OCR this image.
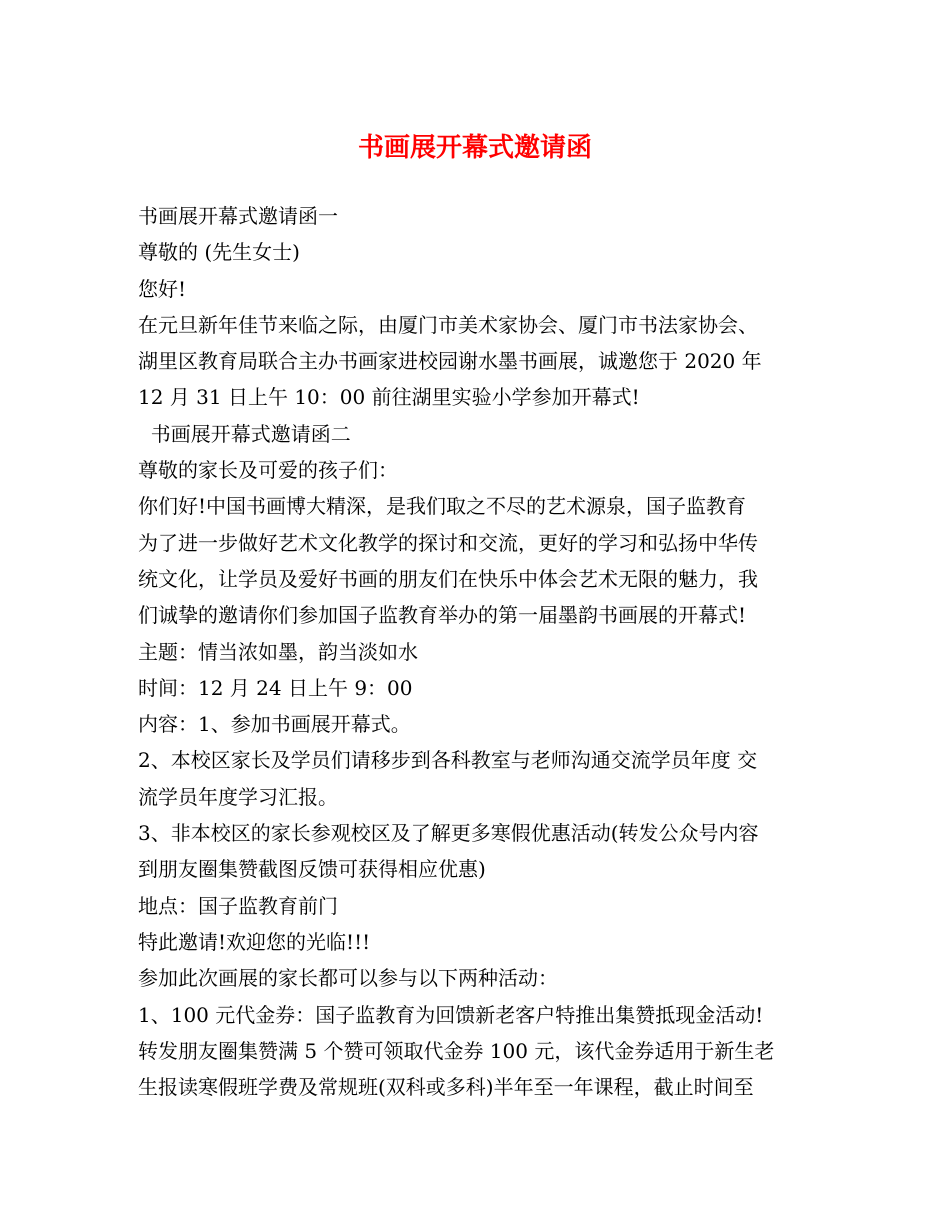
书画展开幕式邀请函
书画展开幕式邀请函一
尊敬的 (先生女士)
您好!
在元旦新年佳节来临之际，由厦门市美术家协会、厦门市书法家协会、
湖里区教育局联合主办书画家进校园谢水墨书画展，诚邀您于 2020 年
12 月 31 日上午 10：00 前往湖里实验小学参加开幕式!
书画展开幕式邀请函二
尊敬的家长及可爱的孩子们：
你们好!中国书画博大精深，是我们取之不尽的艺术源泉，国子监教育
为了进一步做好艺术文化教学的探讨和交流，更好的学习和弘扬中华传
统文化，让学员及爱好书画的朋友们在快乐中体会艺术无限的魅力，我
们诚挚的邀请你们参加国子监教育举办的第一届墨韵书画展的开幕式!
主题：情当浓如墨，韵当淡如水
时间：12 月 24 日上午 9：00
内容：1、参加书画展开幕式。
2、本校区家长及学员们请移步到各科教室与老师沟通交流学员年度 交
流学员年度学习汇报。
3、非本校区的家长参观校区及了解更多寒假优惠活动(转发公众号内容
到朋友圈集赞截图反馈可获得相应优惠)
地点：国子监教育前门
特此邀请!欢迎您的光临!!!
参加此次画展的家长都可以参与以下两种活动：
1、100 元代金券：国子监教育为回馈新老客户特推出集赞抵现金活动!
转发朋友圈集赞满 5 个赞可领取代金券 100 元，该代金券适用于新生老
生报读寒假班学费及常规班(双科或多科)半年至一年课程，截止时间至
